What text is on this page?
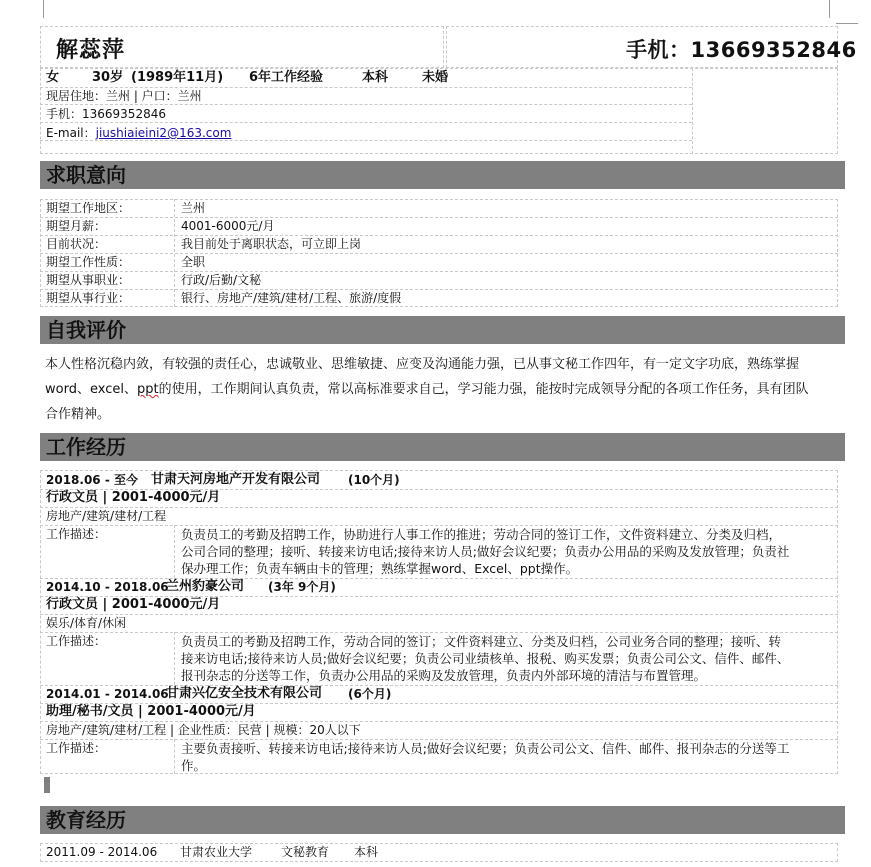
解蕊萍	手机：13669352846
女	30岁 (1989年11月) 6年工作经验	本科	未婚
现居住地：兰州 | 户口：兰州
手机：13669352846
E-mail：jiushiaieini2@163.com
求职意向
期望工作地区：	兰州
期望月薪：	4001-6000元/月
目前状况：	我目前处于离职状态，可立即上岗
期望工作性质：	全职
期望从事职业：	行政/后勤/文秘
期望从事行业：	银行、房地产/建筑/建材/工程、旅游/度假
自我评价
本人性格沉稳内敛，有较强的责任心，忠诚敬业、思维敏捷、应变及沟通能力强，已从事文秘工作四年，有一定文字功底，熟练掌握
word、excel、ppt的使用，工作期间认真负责，常以高标准要求自己，学习能力强，能按时完成领导分配的各项工作任务，具有团队
合作精神。
工作经历
2018.06 - 至今 甘肃天河房地产开发有限公司 (10个月)
行政文员 | 2001-4000元/月
房地产/建筑/建材/工程
工作描述：	负责员工的考勤及招聘工作，协助进行人事工作的推进；劳动合同的签订工作，文件资料建立、分类及归档，
公司合同的整理；接听、转接来访电话;接待来访人员;做好会议纪要；负责办公用品的采购及发放管理；负责社
保办理工作；负责车辆由卡的管理；熟练掌握word、Excel、ppt操作。
2014.10 - 2018.06
兰州豹豪公司 (3年 9个月)
行政文员 | 2001-4000元/月
娱乐/体育/休闲
工作描述：	负责员工的考勤及招聘工作，劳动合同的签订；文件资料建立、分类及归档，公司业务合同的整理；接听、转
接来访电话;接待来访人员;做好会议纪要；负责公司业绩核单、报税、购买发票；负责公司公文、信件、邮件、
报刊杂志的分送等工作，负责办公用品的采购及发放管理，负责内外部环境的清洁与布置管理。
2014.01 - 2014.06
甘肃兴亿安全技术有限公司 (6个月)
助理/秘书/文员 | 2001-4000元/月
房地产/建筑/建材/工程 | 企业性质：民营 | 规模：20人以下
工作描述：	主要负责接听、转接来访电话;接待来访人员;做好会议纪要；负责公司公文、信件、邮件、报刊杂志的分送等工
作。
教育经历
2011.09 - 2014.06 甘肃农业大学 文秘教育 本科
